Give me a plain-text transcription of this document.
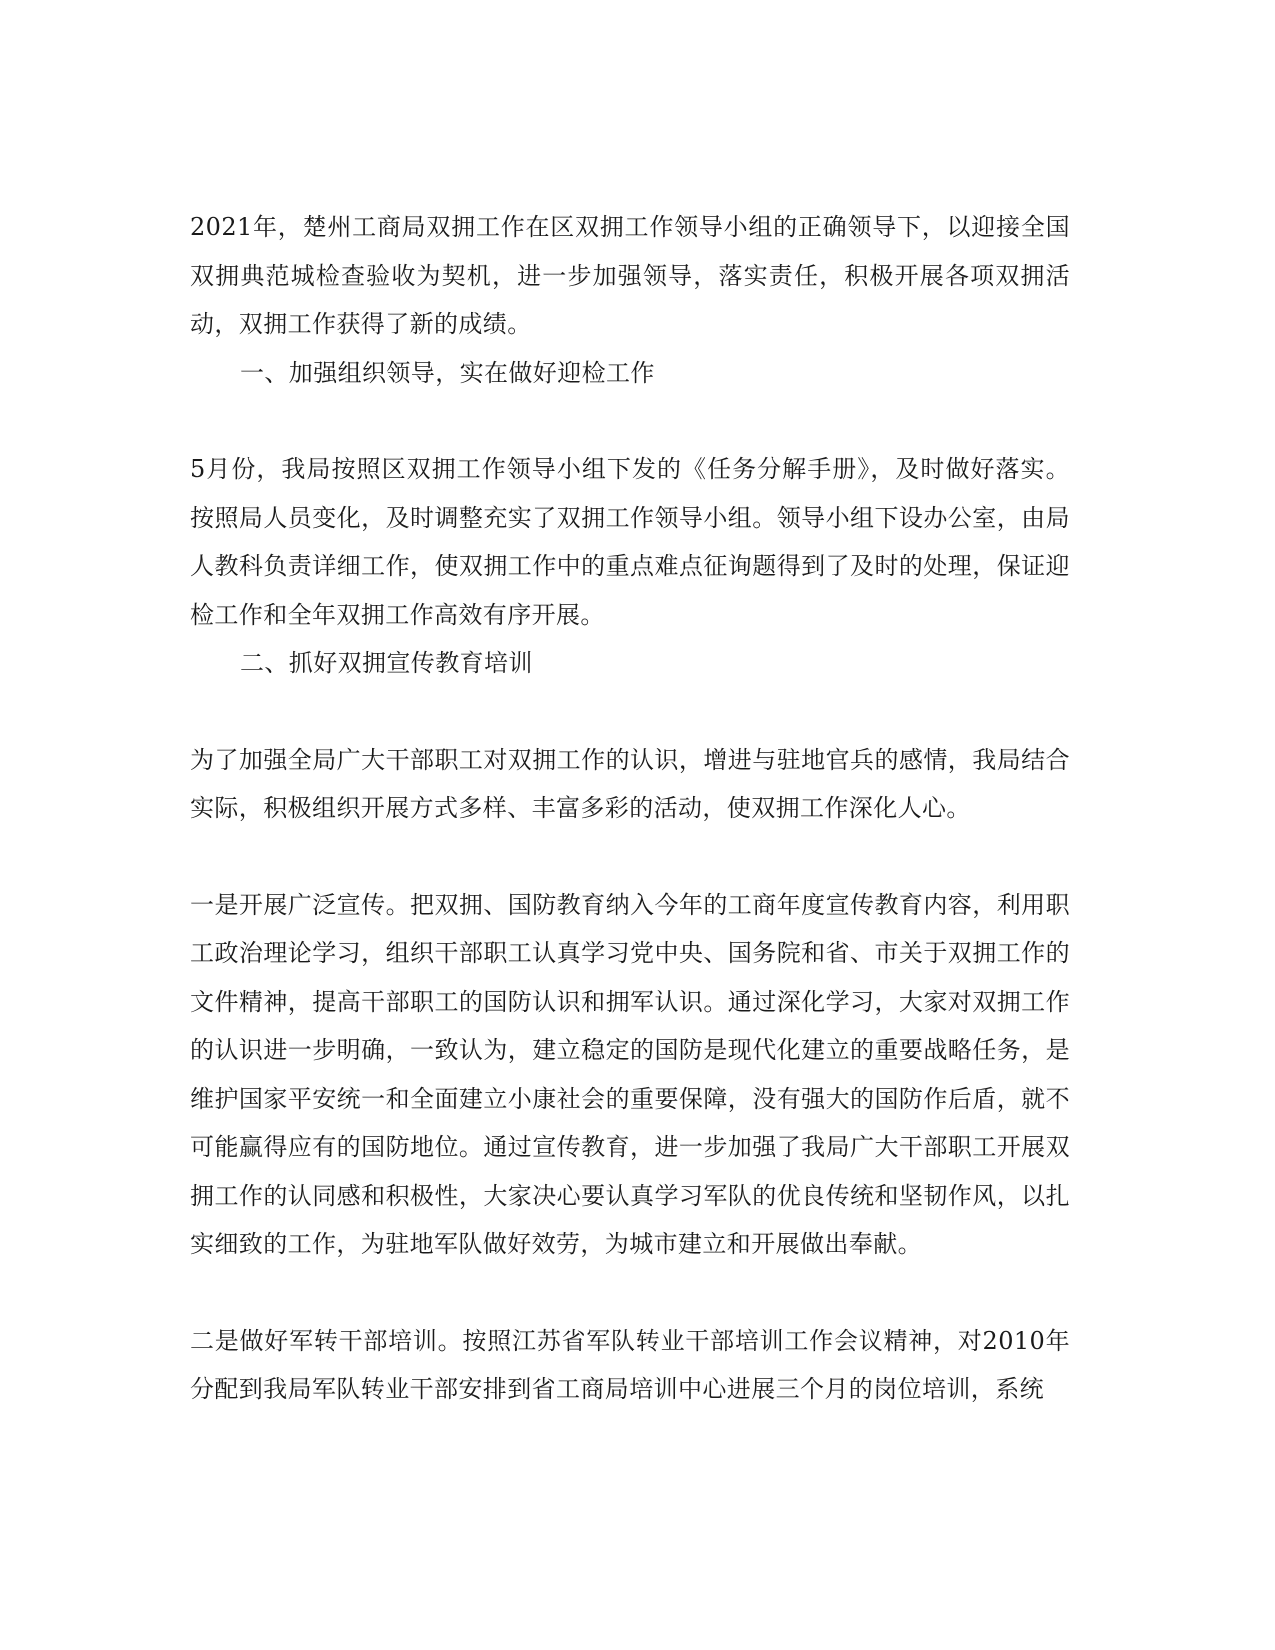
2021年，楚州工商局双拥工作在区双拥工作领导小组的正确领导下，以迎接全国双拥典范城检查验收为契机，进一步加强领导，落实责任，积极开展各项双拥活动，双拥工作获得了新的成绩。

一、加强组织领导，实在做好迎检工作

5月份，我局按照区双拥工作领导小组下发的《任务分解手册》，及时做好落实。按照局人员变化，及时调整充实了双拥工作领导小组。领导小组下设办公室，由局人教科负责详细工作，使双拥工作中的重点难点征询题得到了及时的处理，保证迎检工作和全年双拥工作高效有序开展。

二、抓好双拥宣传教育培训

为了加强全局广大干部职工对双拥工作的认识，增进与驻地官兵的感情，我局结合实际，积极组织开展方式多样、丰富多彩的活动，使双拥工作深化人心。

一是开展广泛宣传。把双拥、国防教育纳入今年的工商年度宣传教育内容，利用职工政治理论学习，组织干部职工认真学习党中央、国务院和省、市关于双拥工作的文件精神，提高干部职工的国防认识和拥军认识。通过深化学习，大家对双拥工作的认识进一步明确，一致认为，建立稳定的国防是现代化建立的重要战略任务，是维护国家平安统一和全面建立小康社会的重要保障，没有强大的国防作后盾，就不可能赢得应有的国防地位。通过宣传教育，进一步加强了我局广大干部职工开展双拥工作的认同感和积极性，大家决心要认真学习军队的优良传统和坚韧作风，以扎实细致的工作，为驻地军队做好效劳，为城市建立和开展做出奉献。

二是做好军转干部培训。按照江苏省军队转业干部培训工作会议精神，对2010年分配到我局军队转业干部安排到省工商局培训中心进展三个月的岗位培训，系统
